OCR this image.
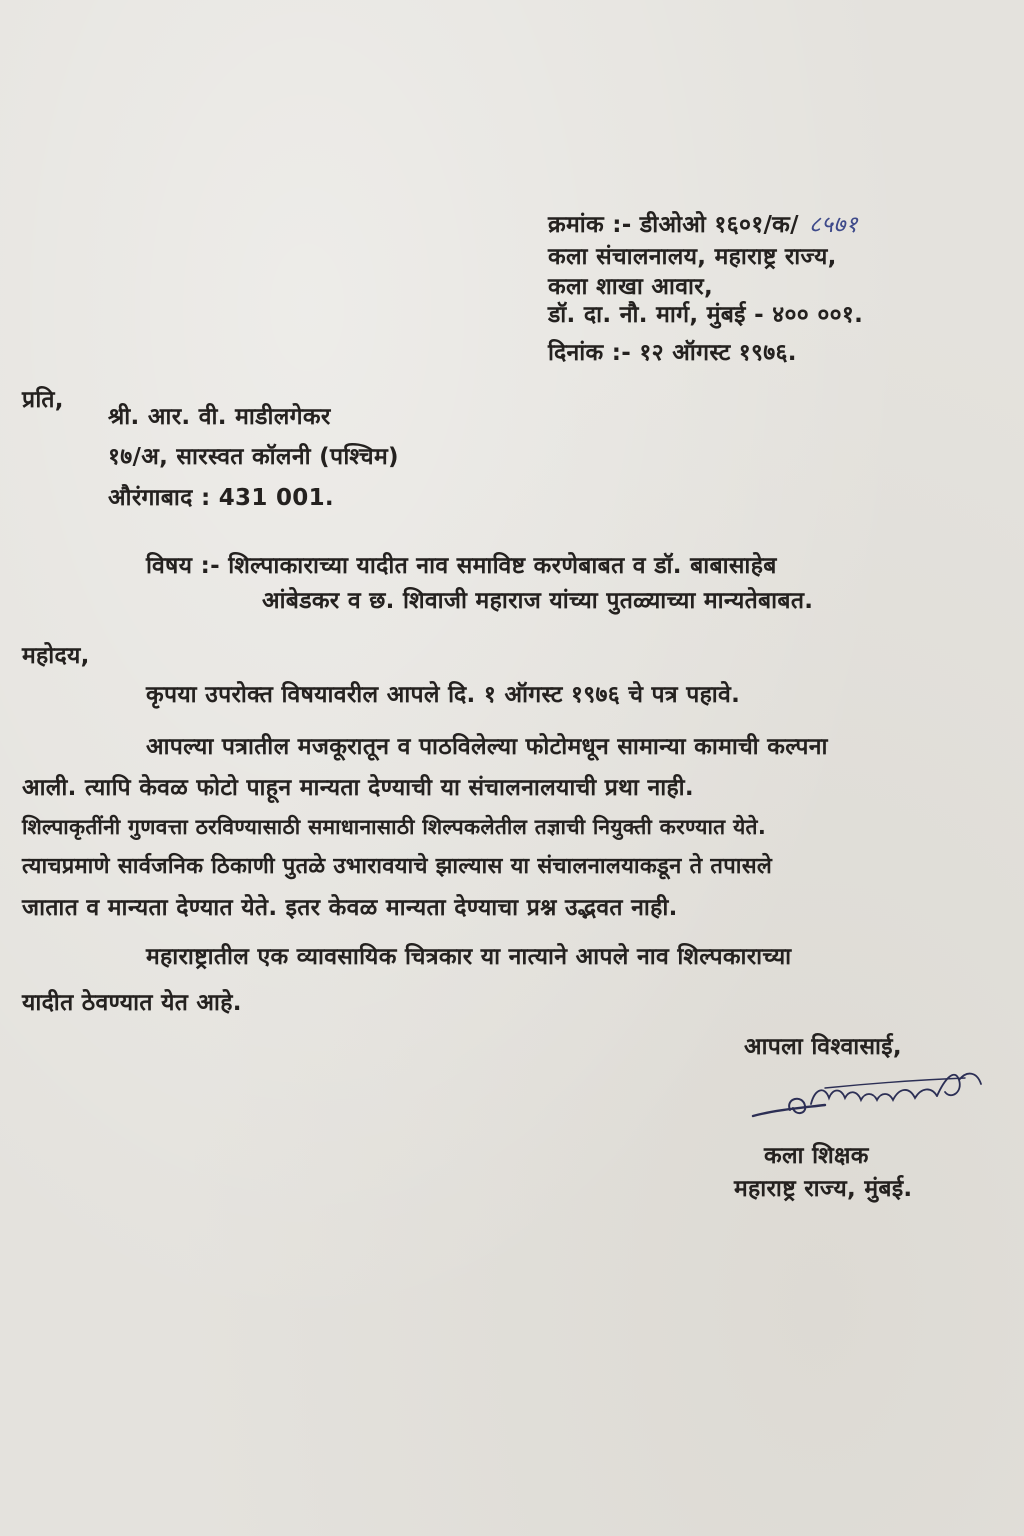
क्रमांक :- डीओओ १६०१/क/ ८५७१
कला संचालनालय, महाराष्ट्र राज्य,
कला शाखा आवार,
डॉ. दा. नौ. मार्ग, मुंबई - ४०० ००१.
दिनांक :- १२ ऑगस्ट १९७६.
प्रति,
श्री. आर. वी. माडीलगेकर
१७/अ, सारस्वत कॉलनी (पश्चिम)
औरंगाबाद : 431 001.
विषय :- शिल्पाकाराच्या यादीत नाव समाविष्ट करणेबाबत व डॉ. बाबासाहेब
आंबेडकर व छ. शिवाजी महाराज यांच्या पुतळ्याच्या मान्यतेबाबत.
महोदय,
कृपया उपरोक्त विषयावरील आपले दि. १ ऑगस्ट १९७६ चे पत्र पहावे.
आपल्या पत्रातील मजकूरातून व पाठविलेल्या फोटोमधून सामान्या कामाची कल्पना
आली. त्यापि केवळ फोटो पाहून मान्यता देण्याची या संचालनालयाची प्रथा नाही.
शिल्पाकृतींनी गुणवत्ता ठरविण्यासाठी समाधानासाठी शिल्पकलेतील तज्ञाची नियुक्ती करण्यात येते.
त्याचप्रमाणे सार्वजनिक ठिकाणी पुतळे उभारावयाचे झाल्यास या संचालनालयाकडून ते तपासले
जातात व मान्यता देण्यात येते. इतर केवळ मान्यता देण्याचा प्रश्न उद्भवत नाही.
महाराष्ट्रातील एक व्यावसायिक चित्रकार या नात्याने आपले नाव शिल्पकाराच्या
यादीत ठेवण्यात येत आहे.
आपला विश्वासाई,
कला शिक्षक
महाराष्ट्र राज्य, मुंबई.
